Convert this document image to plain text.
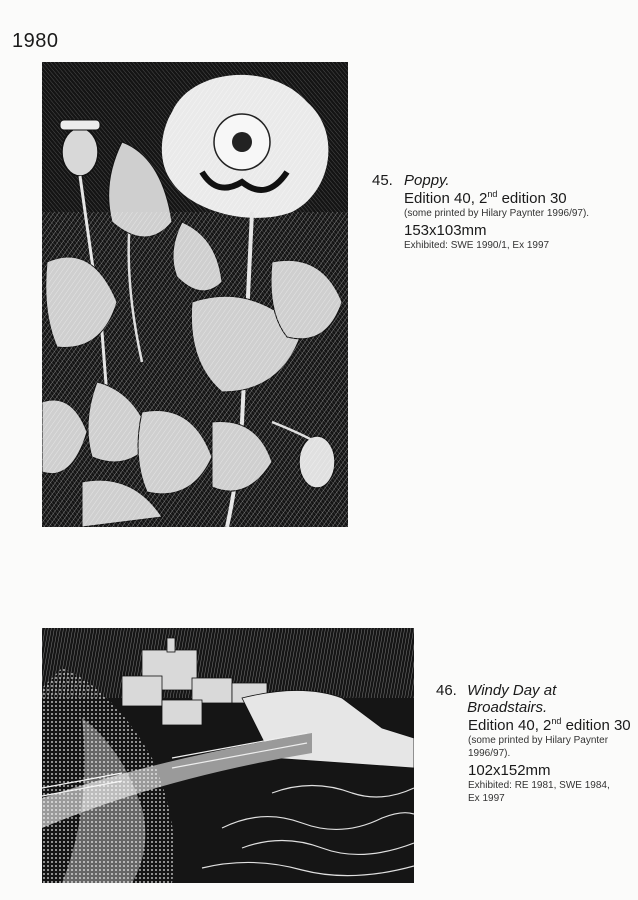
1980
45. Poppy.
Edition 40, 2nd edition 30
(some printed by Hilary Paynter 1996/97).
153x103mm
Exhibited: SWE 1990/1, Ex 1997
46. Windy Day at Broadstairs.
Edition 40, 2nd edition 30
(some printed by Hilary Paynter
1996/97).
102x152mm
Exhibited: RE 1981, SWE 1984,
Ex 1997
